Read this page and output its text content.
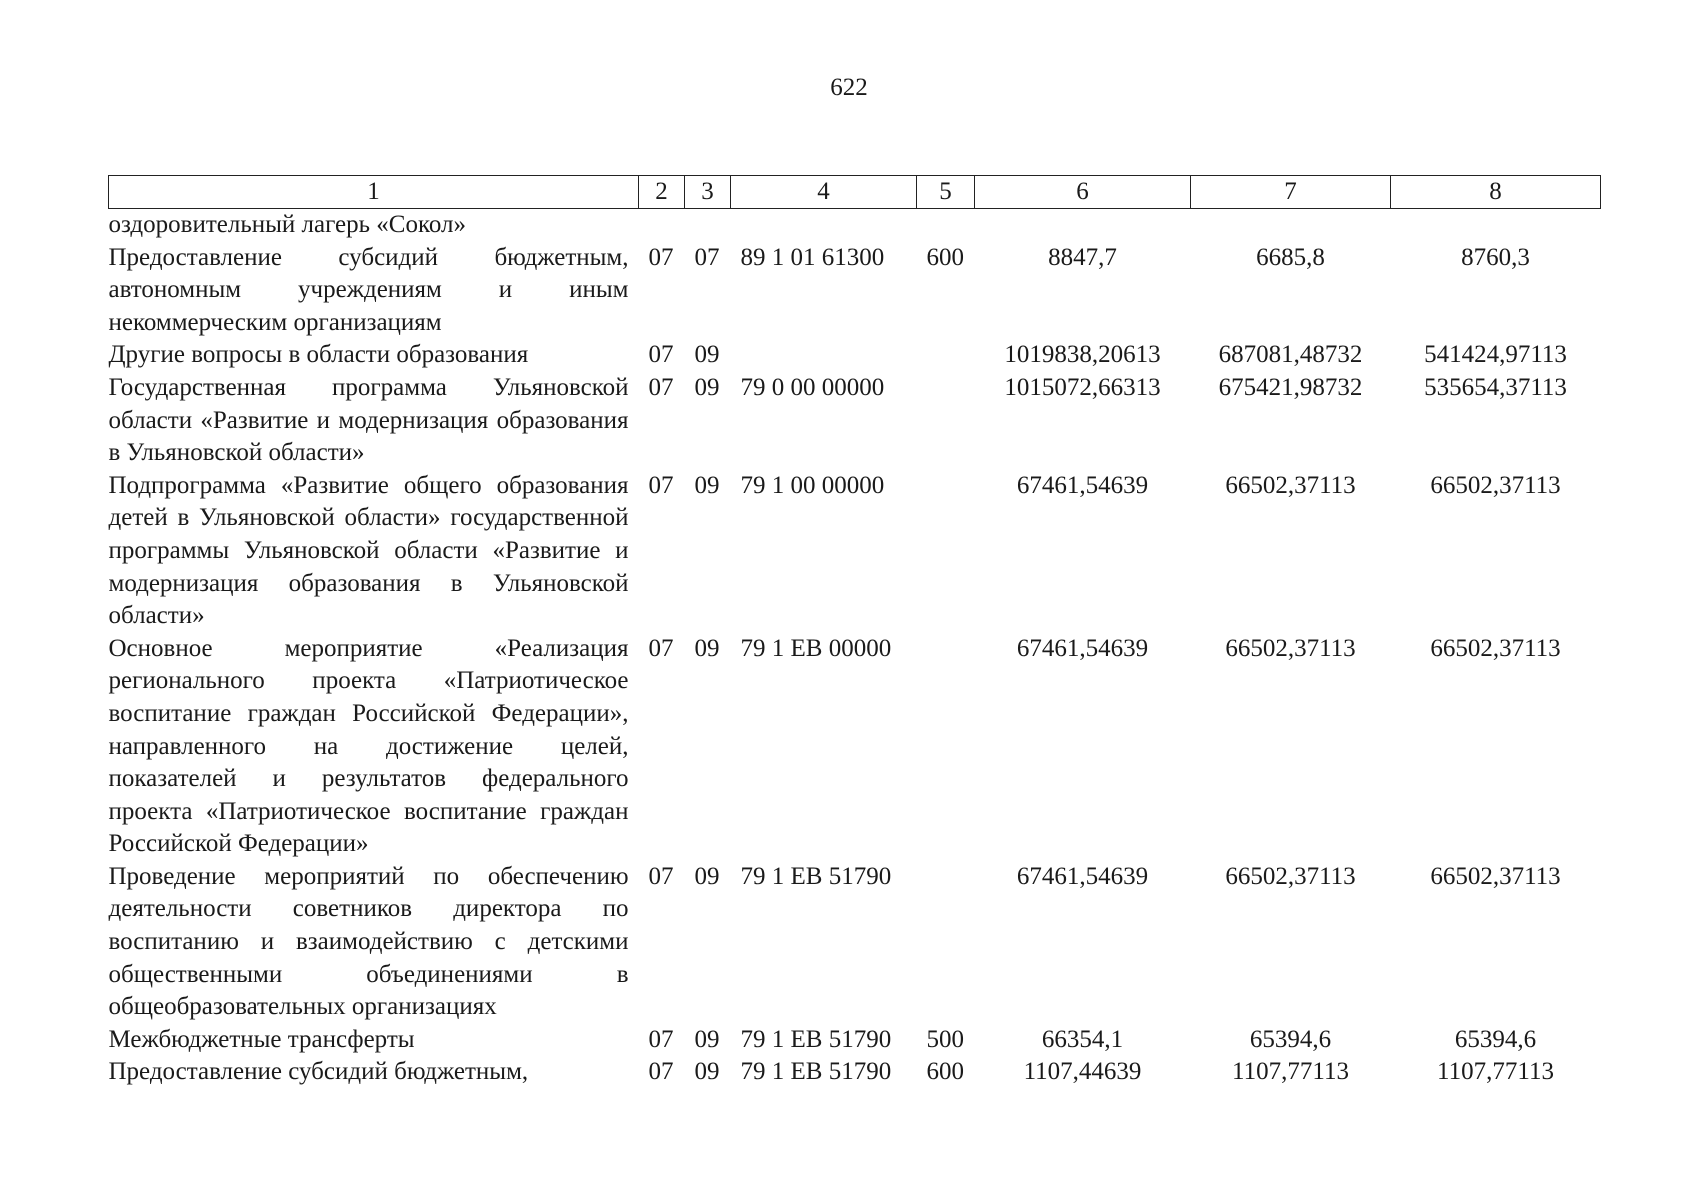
622
1	2	3	4	5	6	7	8
оздоровительный лагерь «Сокол»							
Предоставление субсидий бюджетным, автономным учреждениям и иным некоммерческим организациям	07	07	89 1 01 61300	600	8847,7	6685,8	8760,3
Другие вопросы в области образования	07	09			1019838,20613	687081,48732	541424,97113
Государственная программа Ульяновской области «Развитие и модернизация образования в Ульяновской области»	07	09	79 0 00 00000		1015072,66313	675421,98732	535654,37113
Подпрограмма «Развитие общего образования детей в Ульяновской области» государственной программы Ульяновской области «Развитие и модернизация образования в Ульяновской области»	07	09	79 1 00 00000		67461,54639	66502,37113	66502,37113
Основное мероприятие «Реализация регионального проекта «Патриотическое воспитание граждан Российской Федерации», направленного на достижение целей, показателей и результатов федерального проекта «Патриотическое воспитание граждан Российской Федерации»	07	09	79 1 ЕВ 00000		67461,54639	66502,37113	66502,37113
Проведение мероприятий по обеспечению деятельности советников директора по воспитанию и взаимодействию с детскими общественными объединениями в общеобразовательных организациях	07	09	79 1 ЕВ 51790		67461,54639	66502,37113	66502,37113
Межбюджетные трансферты	07	09	79 1 ЕВ 51790	500	66354,1	65394,6	65394,6
Предоставление субсидий бюджетным,	07	09	79 1 ЕВ 51790	600	1107,44639	1107,77113	1107,77113
